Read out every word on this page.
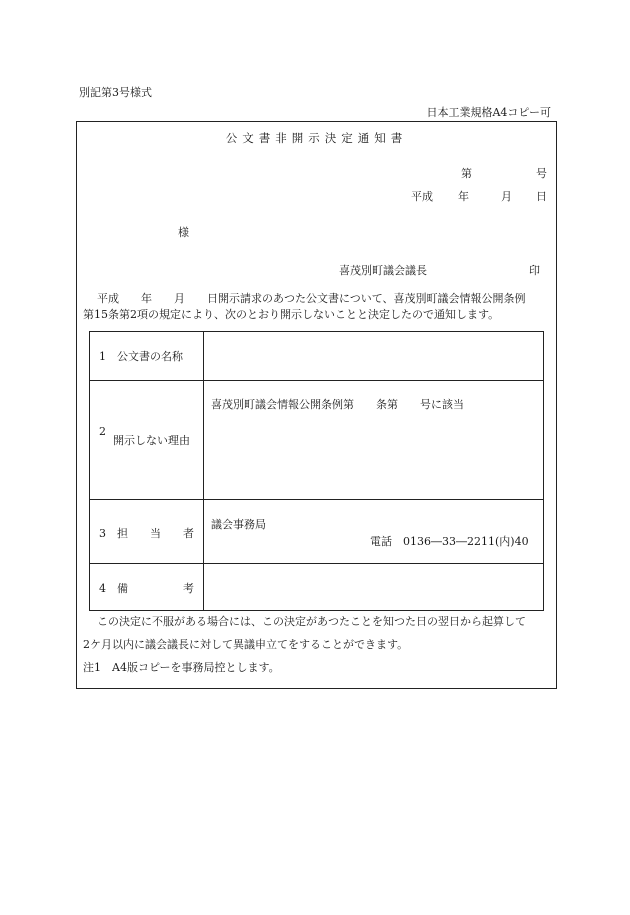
別記第3号様式
日本工業規格A4コピー可
公文書非開示決定通知書
第	号
平成 年	月 日
様
喜茂別町議会議長	印
平成　　年　　月　　日開示請求のあつた公文書について、喜茂別町議会情報公開条例
第15条第2項の規定により、次のとおり開示しないことと決定したので通知します。
1　公文書の名称	

2
開示しない理由	喜茂別町議会情報公開条例第　　条第　　号に該当

3　担　　当　　者	議会事務局
電話　0136―33―2211(内)40

4　備　　　　　考	

この決定に不服がある場合には、この決定があつたことを知つた日の翌日から起算して
2ケ月以内に議会議長に対して異議申立てをすることができます。
注1　A4版コピーを事務局控とします。
